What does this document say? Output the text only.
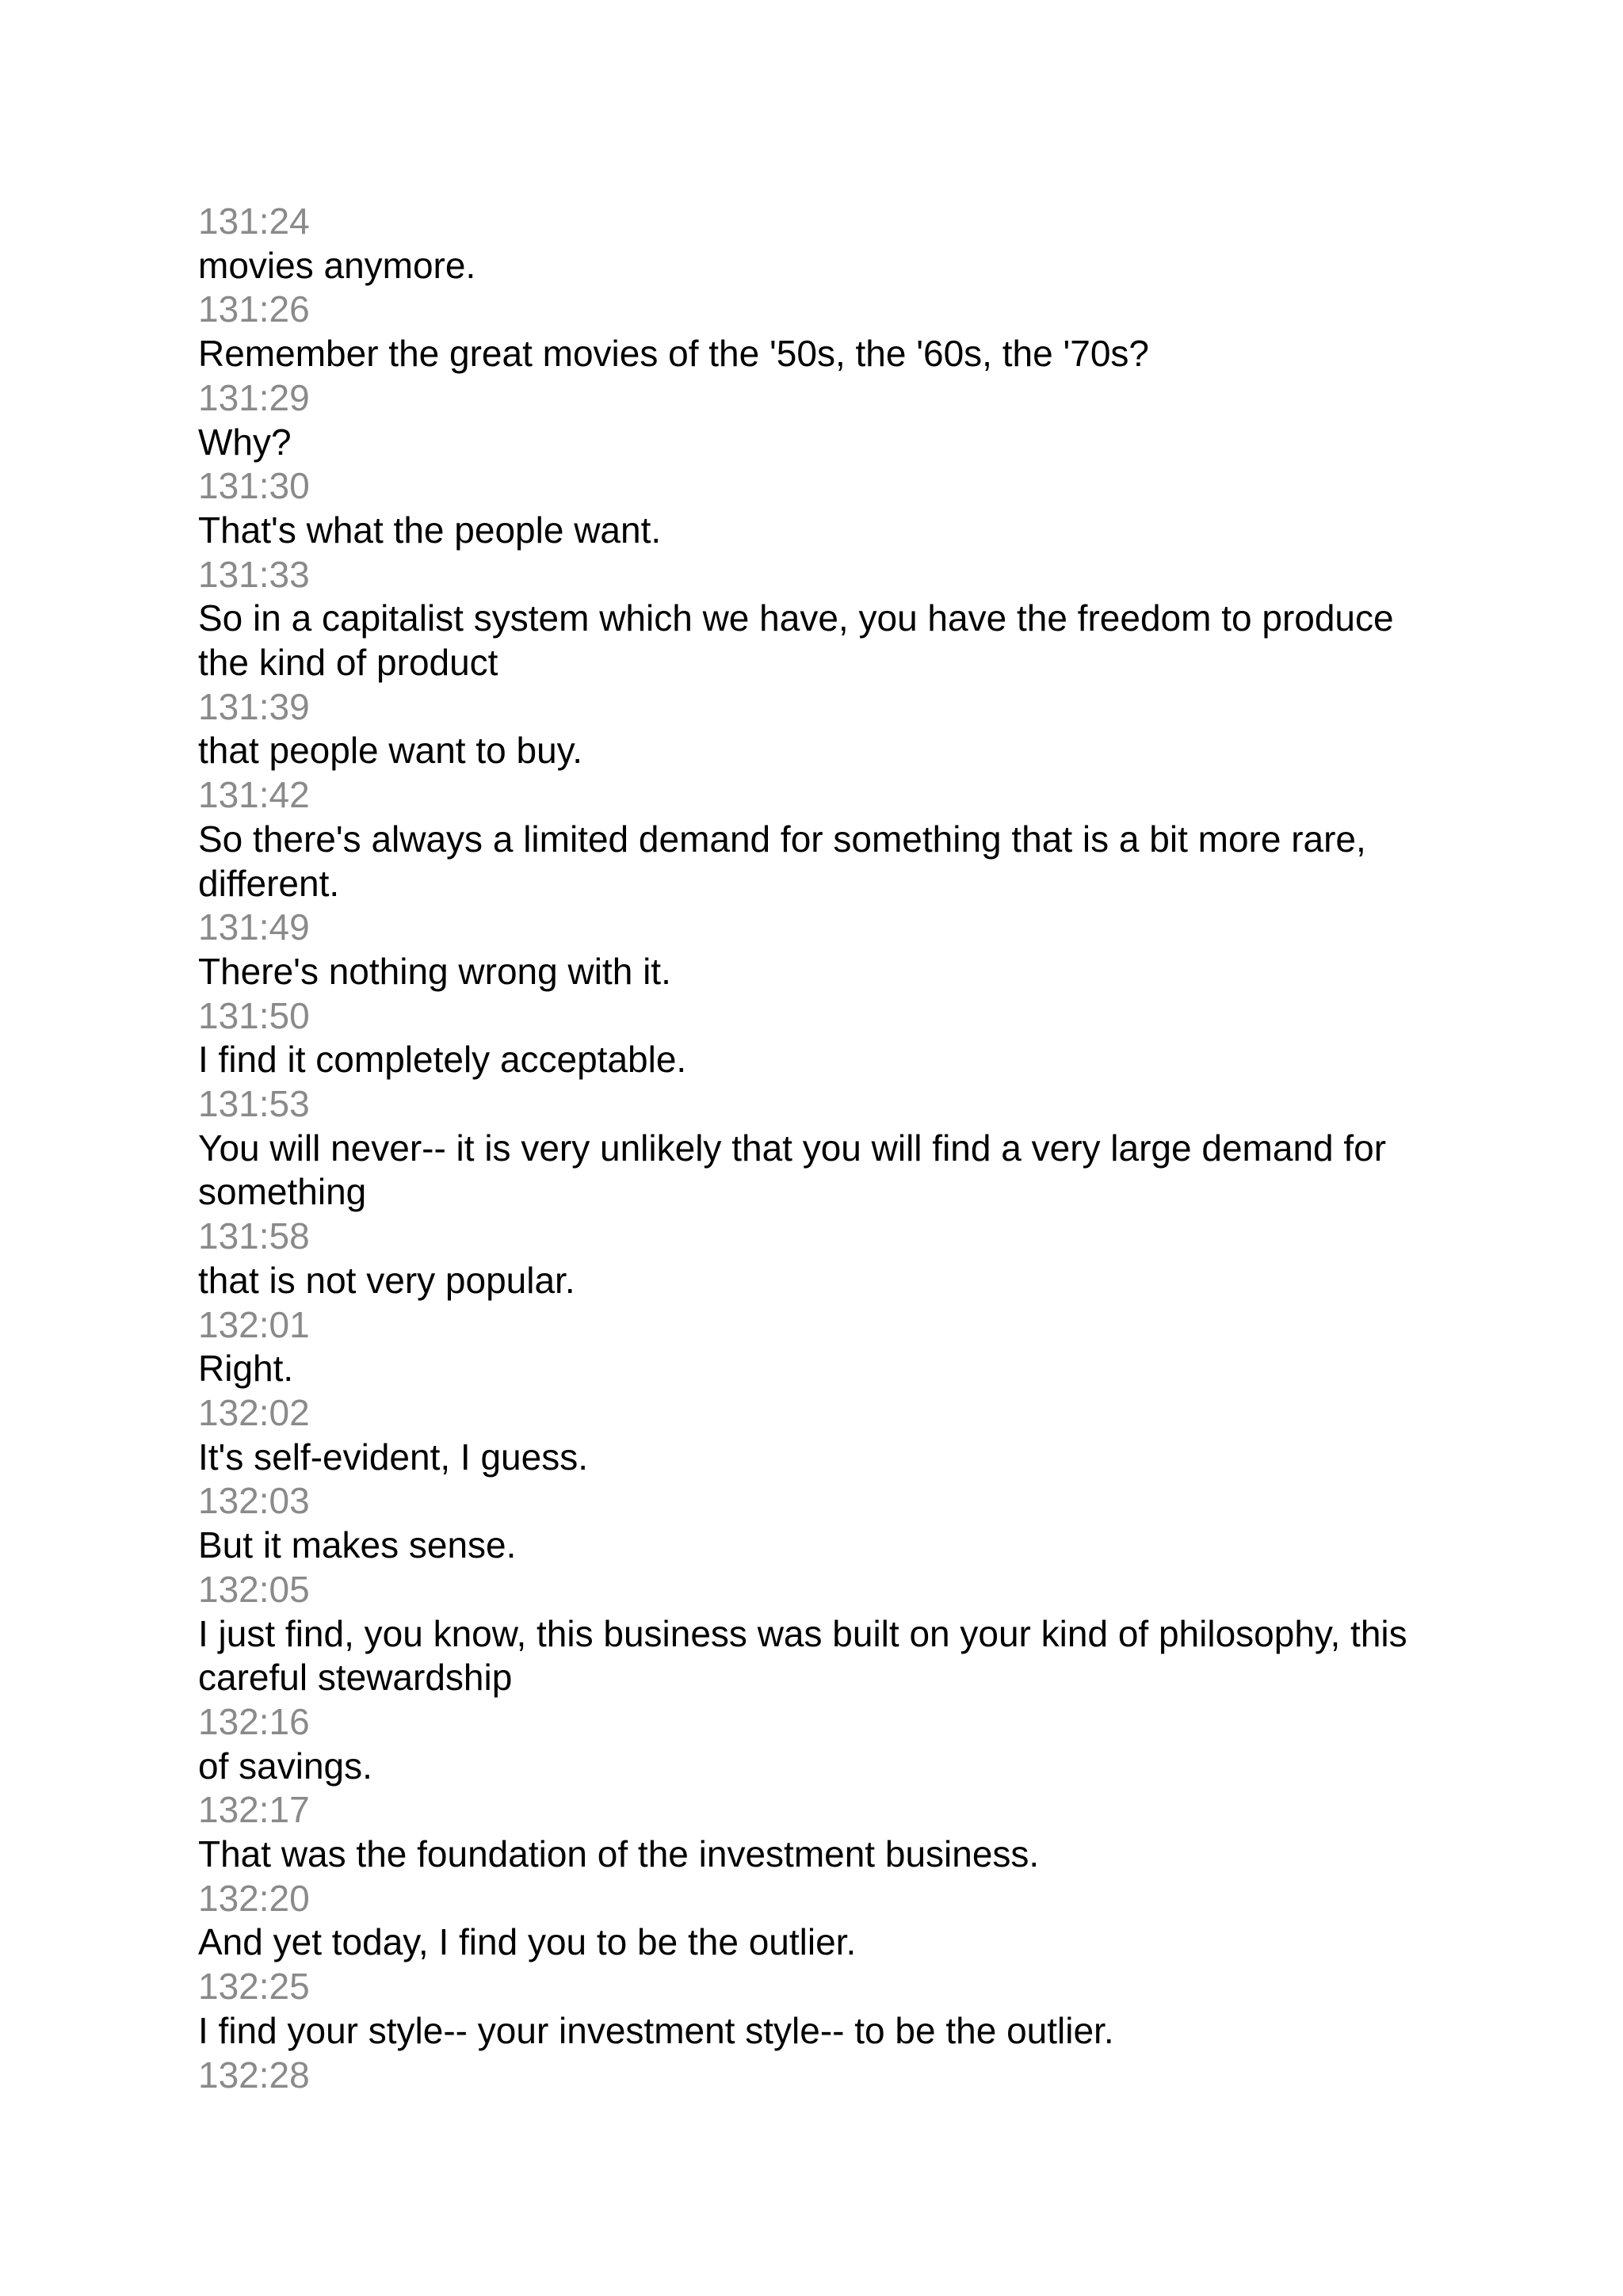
131:24
movies anymore.
131:26
Remember the great movies of the '50s, the '60s, the '70s?
131:29
Why?
131:30
That's what the people want.
131:33
So in a capitalist system which we have, you have the freedom to produce the kind of product
131:39
that people want to buy.
131:42
So there's always a limited demand for something that is a bit more rare, different.
131:49
There's nothing wrong with it.
131:50
I find it completely acceptable.
131:53
You will never-- it is very unlikely that you will find a very large demand for something
131:58
that is not very popular.
132:01
Right.
132:02
It's self-evident, I guess.
132:03
But it makes sense.
132:05
I just find, you know, this business was built on your kind of philosophy, this careful stewardship
132:16
of savings.
132:17
That was the foundation of the investment business.
132:20
And yet today, I find you to be the outlier.
132:25
I find your style-- your investment style-- to be the outlier.
132:28
